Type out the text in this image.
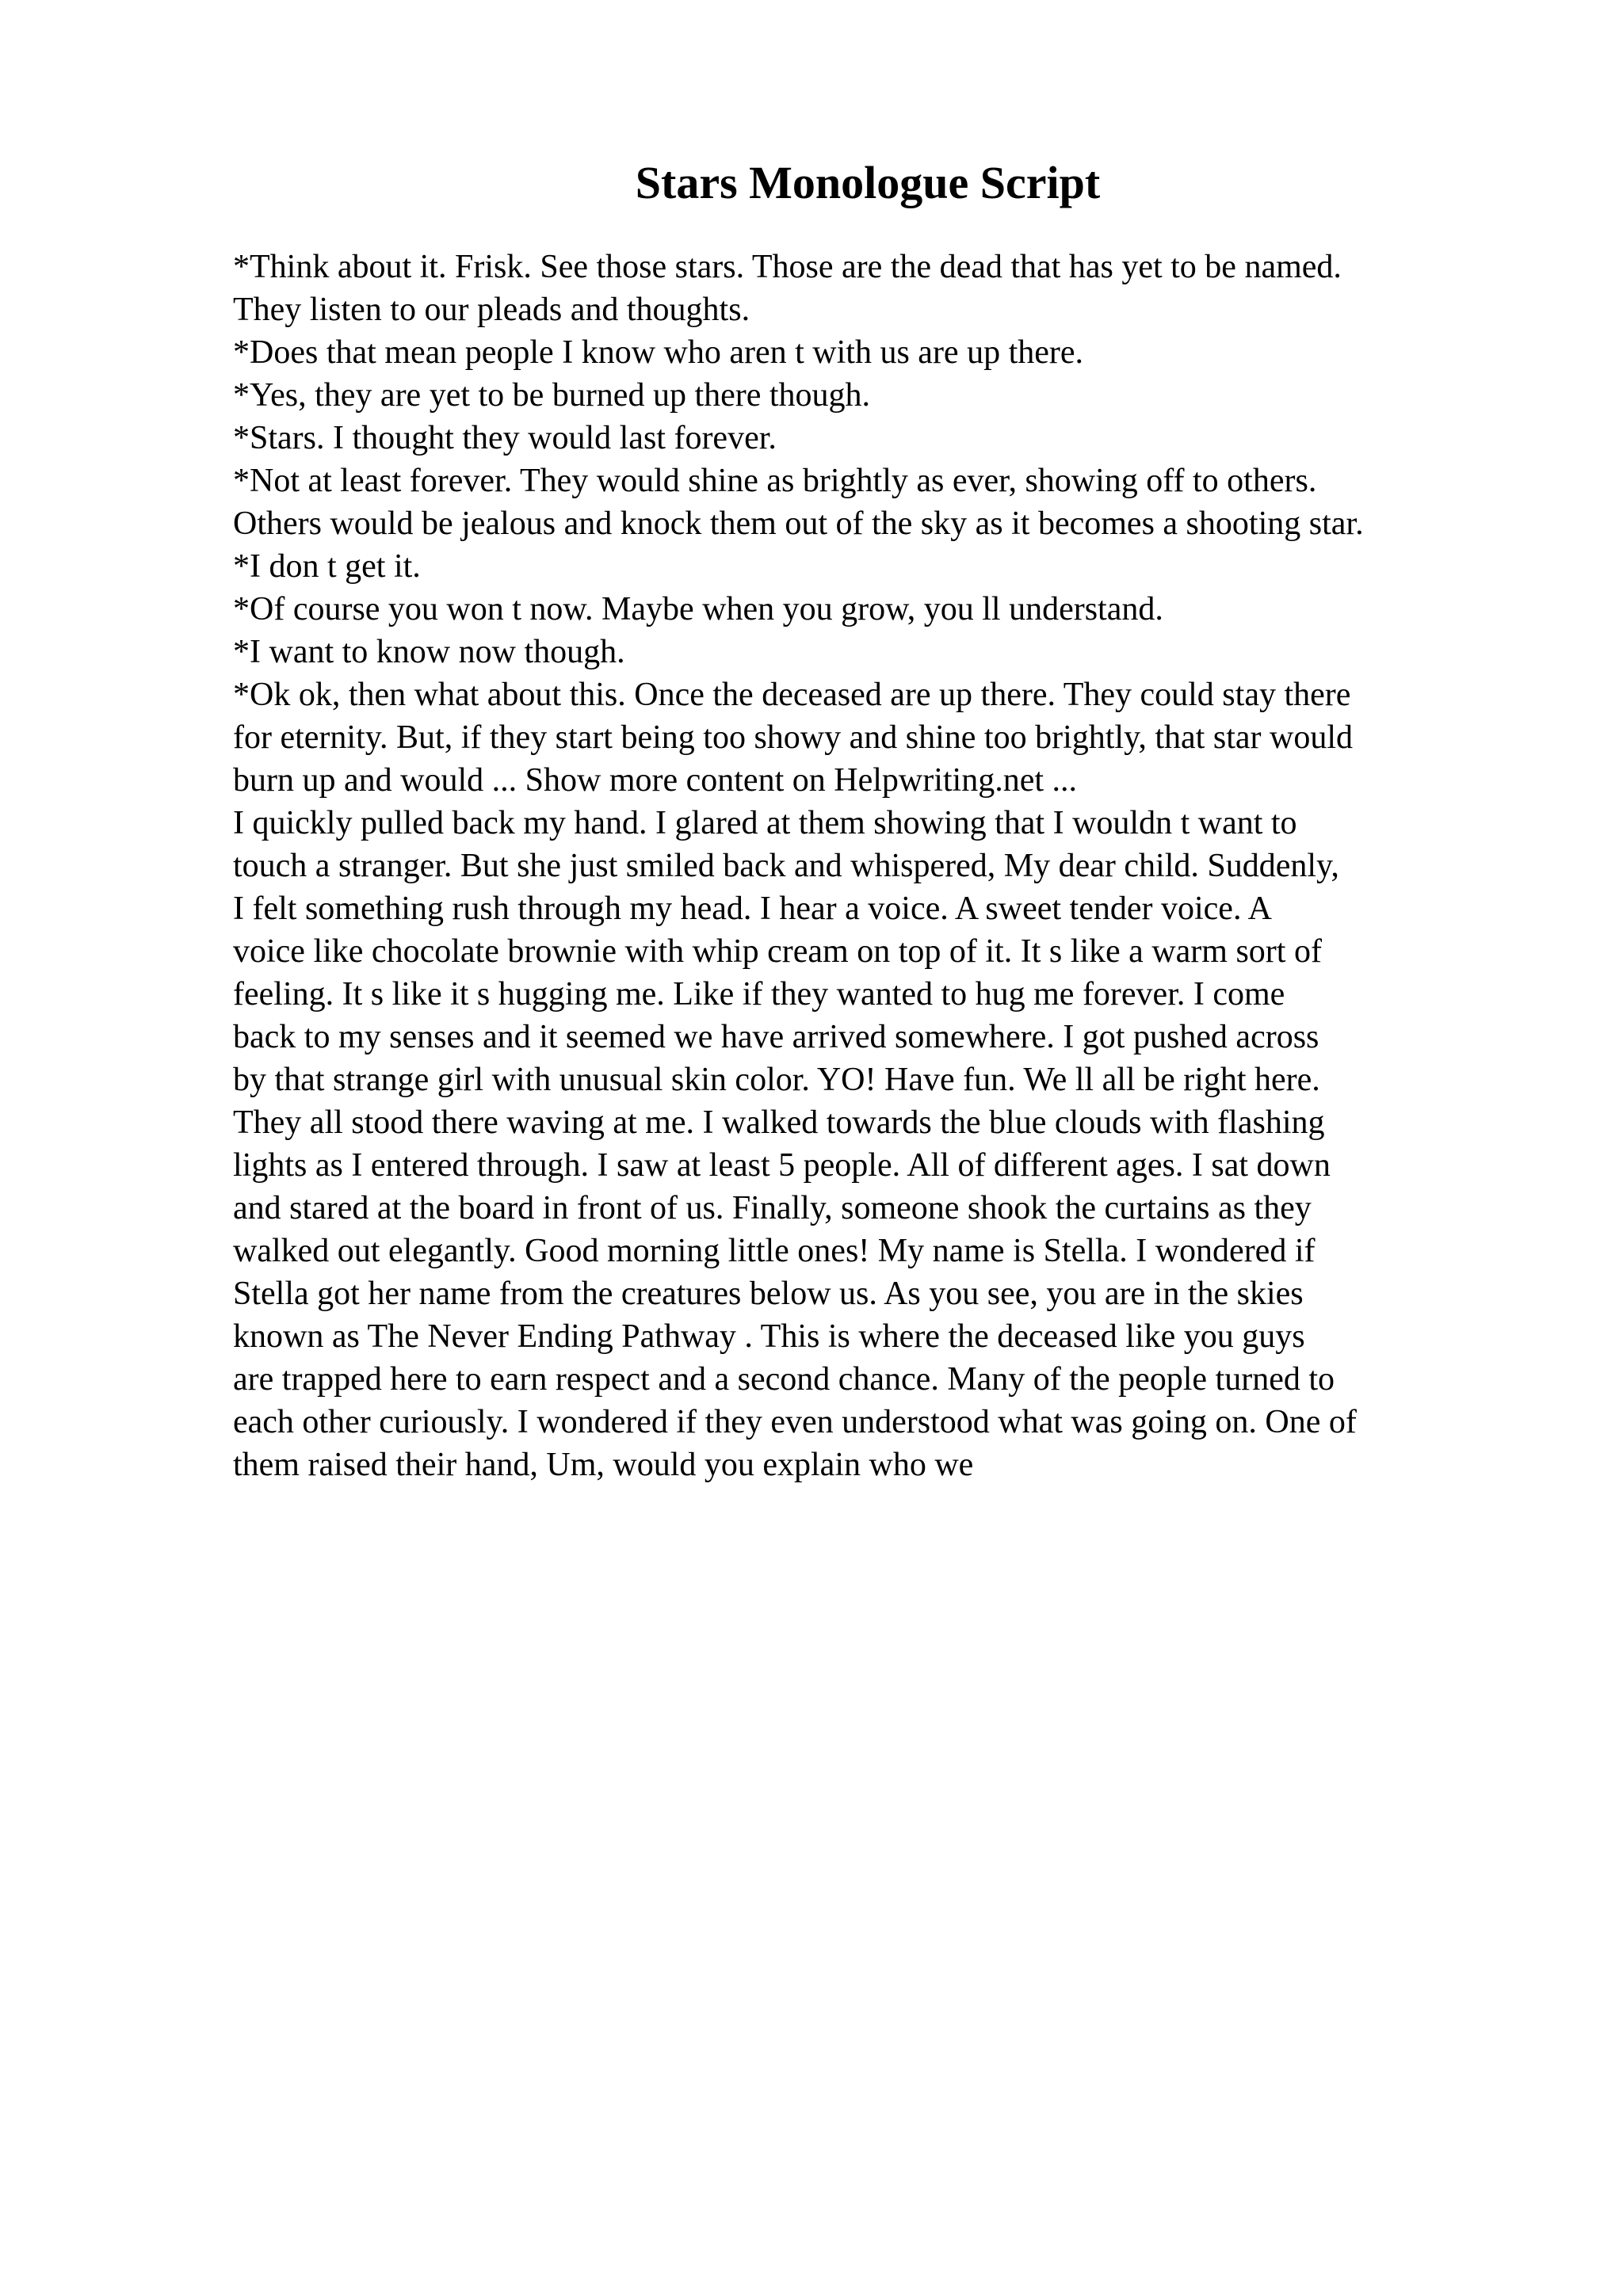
Stars Monologue Script
*Think about it. Frisk. See those stars. Those are the dead that has yet to be named.
They listen to our pleads and thoughts.
*Does that mean people I know who aren t with us are up there.
*Yes, they are yet to be burned up there though.
*Stars. I thought they would last forever.
*Not at least forever. They would shine as brightly as ever, showing off to others.
Others would be jealous and knock them out of the sky as it becomes a shooting star.
*I don t get it.
*Of course you won t now. Maybe when you grow, you ll understand.
*I want to know now though.
*Ok ok, then what about this. Once the deceased are up there. They could stay there
for eternity. But, if they start being too showy and shine too brightly, that star would
burn up and would ... Show more content on Helpwriting.net ...
I quickly pulled back my hand. I glared at them showing that I wouldn t want to
touch a stranger. But she just smiled back and whispered, My dear child. Suddenly,
I felt something rush through my head. I hear a voice. A sweet tender voice. A
voice like chocolate brownie with whip cream on top of it. It s like a warm sort of
feeling. It s like it s hugging me. Like if they wanted to hug me forever. I come
back to my senses and it seemed we have arrived somewhere. I got pushed across
by that strange girl with unusual skin color. YO! Have fun. We ll all be right here.
They all stood there waving at me. I walked towards the blue clouds with flashing
lights as I entered through. I saw at least 5 people. All of different ages. I sat down
and stared at the board in front of us. Finally, someone shook the curtains as they
walked out elegantly. Good morning little ones! My name is Stella. I wondered if
Stella got her name from the creatures below us. As you see, you are in the skies
known as The Never Ending Pathway . This is where the deceased like you guys
are trapped here to earn respect and a second chance. Many of the people turned to
each other curiously. I wondered if they even understood what was going on. One of
them raised their hand, Um, would you explain who we
